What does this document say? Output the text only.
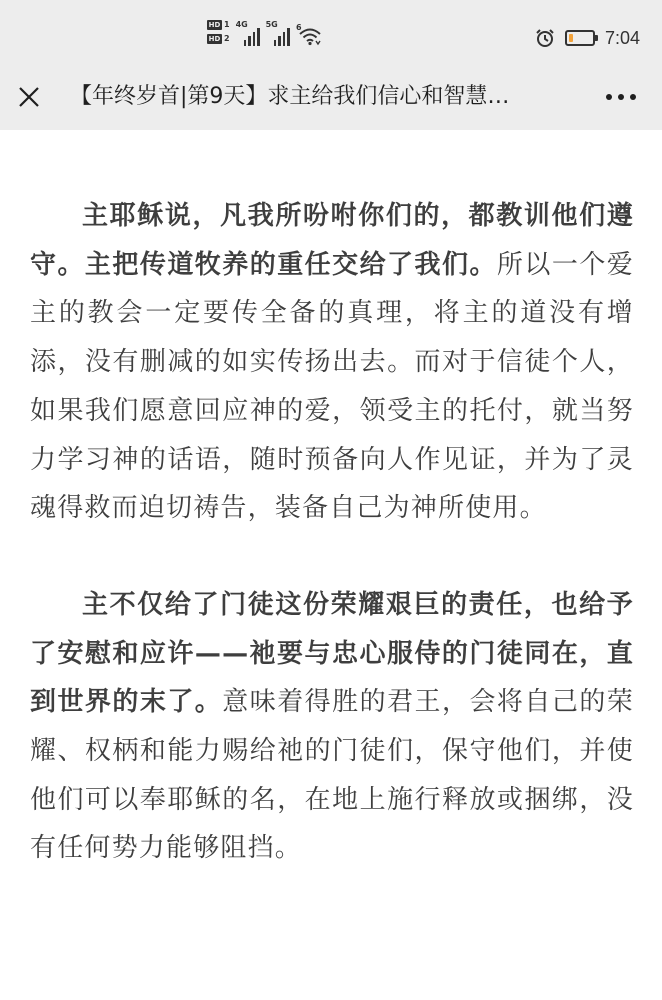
HD 1
HD 2
4G 5G 6	7:04
【年终岁首|第9天】求主给我们信心和智慧…

主耶稣说，凡我所吩咐你们的，都教训他们遵守。主把传道牧养的重任交给了我们。所以一个爱主的教会一定要传全备的真理，将主的道没有增添，没有删减的如实传扬出去。而对于信徒个人，如果我们愿意回应神的爱，领受主的托付，就当努力学习神的话语，随时预备向人作见证，并为了灵魂得救而迫切祷告，装备自己为神所使用。

主不仅给了门徒这份荣耀艰巨的责任，也给予了安慰和应许——祂要与忠心服侍的门徒同在，直到世界的末了。意味着得胜的君王，会将自己的荣耀、权柄和能力赐给祂的门徒们，保守他们，并使他们可以奉耶稣的名，在地上施行释放或捆绑，没有任何势力能够阻挡。
